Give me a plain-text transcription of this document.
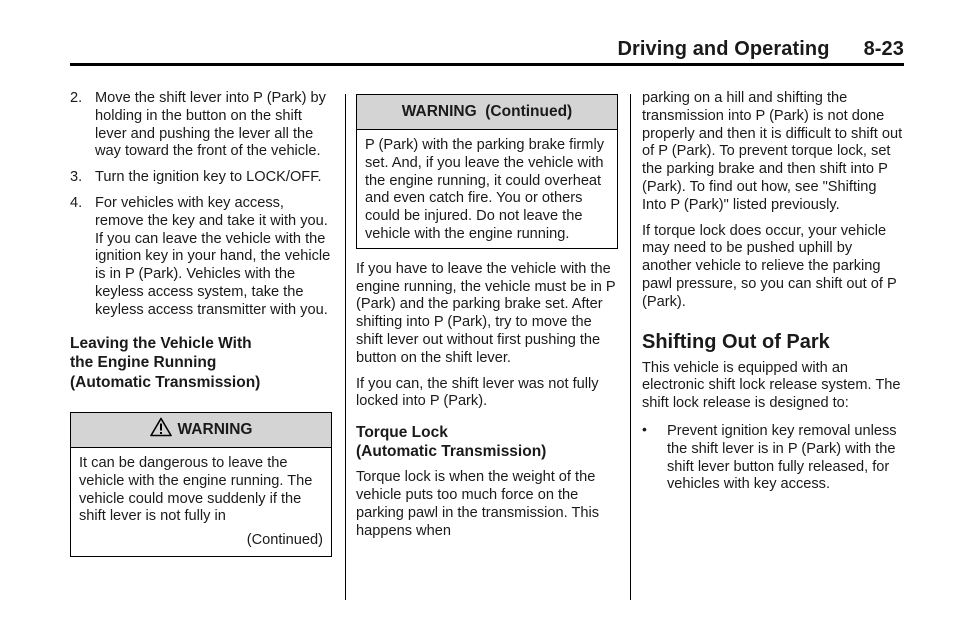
Driving and Operating 8-23
2. Move the shift lever into P (Park) by holding in the button on the shift lever and pushing the lever all the way toward the front of the vehicle.
3. Turn the ignition key to LOCK/OFF.
4. For vehicles with key access, remove the key and take it with you. If you can leave the vehicle with the ignition key in your hand, the vehicle is in P (Park). Vehicles with the keyless access system, take the keyless access transmitter with you.
Leaving the Vehicle With
the Engine Running
(Automatic Transmission)
WARNING
It can be dangerous to leave the vehicle with the engine running. The vehicle could move suddenly if the shift lever is not fully in
(Continued)
WARNING  (Continued)
P (Park) with the parking brake firmly set. And, if you leave the vehicle with the engine running, it could overheat and even catch fire. You or others could be injured. Do not leave the vehicle with the engine running.

If you have to leave the vehicle with the engine running, the vehicle must be in P (Park) and the parking brake set. After shifting into P (Park), try to move the shift lever out without first pushing the button on the shift lever.

If you can, the shift lever was not fully locked into P (Park).

Torque Lock
(Automatic Transmission)

Torque lock is when the weight of the vehicle puts too much force on the parking pawl in the transmission. This happens when

parking on a hill and shifting the transmission into P (Park) is not done properly and then it is difficult to shift out of P (Park). To prevent torque lock, set the parking brake and then shift into P (Park). To find out how, see "Shifting Into P (Park)" listed previously.

If torque lock does occur, your vehicle may need to be pushed uphill by another vehicle to relieve the parking pawl pressure, so you can shift out of P (Park).

Shifting Out of Park

This vehicle is equipped with an electronic shift lock release system. The shift lock release is designed to:

• Prevent ignition key removal unless the shift lever is in P (Park) with the shift lever button fully released, for vehicles with key access.
